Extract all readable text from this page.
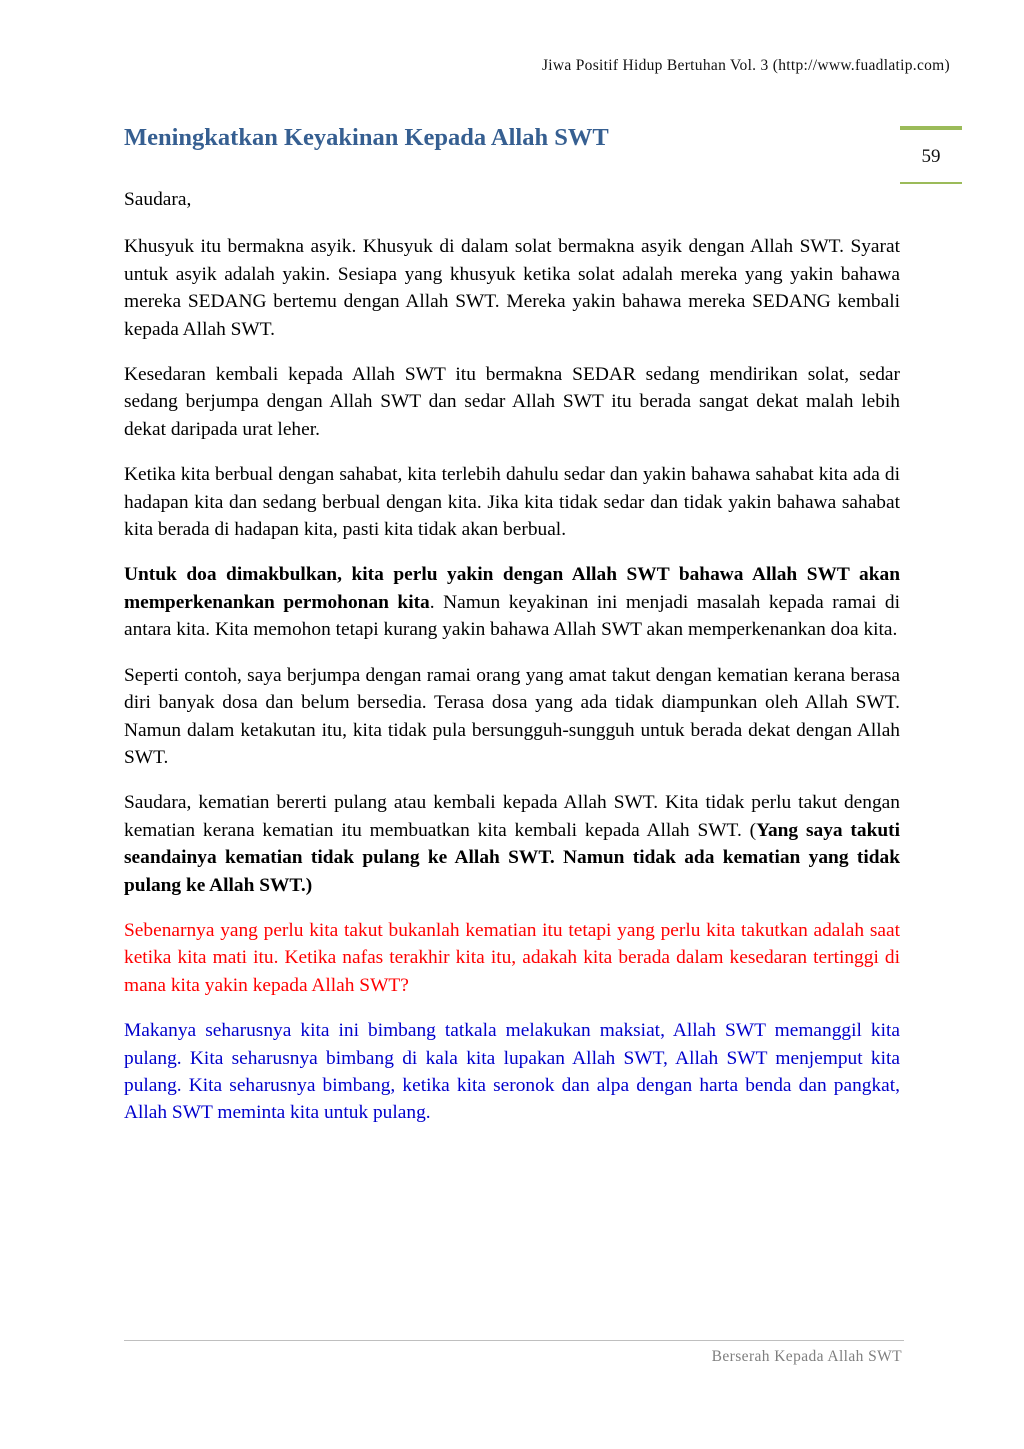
Jiwa Positif Hidup Bertuhan Vol. 3 (http://www.fuadlatip.com)
Meningkatkan Keyakinan Kepada Allah SWT
59

Saudara,

Khusyuk itu bermakna asyik. Khusyuk di dalam solat bermakna asyik dengan Allah SWT. Syarat untuk asyik adalah yakin. Sesiapa yang khusyuk ketika solat adalah mereka yang yakin bahawa mereka SEDANG bertemu dengan Allah SWT. Mereka yakin bahawa mereka SEDANG kembali kepada Allah SWT.

Kesedaran kembali kepada Allah SWT itu bermakna SEDAR sedang mendirikan solat, sedar sedang berjumpa dengan Allah SWT dan sedar Allah SWT itu berada sangat dekat malah lebih dekat daripada urat leher.

Ketika kita berbual dengan sahabat, kita terlebih dahulu sedar dan yakin bahawa sahabat kita ada di hadapan kita dan sedang berbual dengan kita. Jika kita tidak sedar dan tidak yakin bahawa sahabat kita berada di hadapan kita, pasti kita tidak akan berbual.

Untuk doa dimakbulkan, kita perlu yakin dengan Allah SWT bahawa Allah SWT akan memperkenankan permohonan kita. Namun keyakinan ini menjadi masalah kepada ramai di antara kita. Kita memohon tetapi kurang yakin bahawa Allah SWT akan memperkenankan doa kita.

Seperti contoh, saya berjumpa dengan ramai orang yang amat takut dengan kematian kerana berasa diri banyak dosa dan belum bersedia. Terasa dosa yang ada tidak diampunkan oleh Allah SWT. Namun dalam ketakutan itu, kita tidak pula bersungguh-sungguh untuk berada dekat dengan Allah SWT.

Saudara, kematian bererti pulang atau kembali kepada Allah SWT. Kita tidak perlu takut dengan kematian kerana kematian itu membuatkan kita kembali kepada Allah SWT. (Yang saya takuti seandainya kematian tidak pulang ke Allah SWT. Namun tidak ada kematian yang tidak pulang ke Allah SWT.)

Sebenarnya yang perlu kita takut bukanlah kematian itu tetapi yang perlu kita takutkan adalah saat ketika kita mati itu. Ketika nafas terakhir kita itu, adakah kita berada dalam kesedaran tertinggi di mana kita yakin kepada Allah SWT?

Makanya seharusnya kita ini bimbang tatkala melakukan maksiat, Allah SWT memanggil kita pulang. Kita seharusnya bimbang di kala kita lupakan Allah SWT, Allah SWT menjemput kita pulang. Kita seharusnya bimbang, ketika kita seronok dan alpa dengan harta benda dan pangkat, Allah SWT meminta kita untuk pulang.

Berserah Kepada Allah SWT
